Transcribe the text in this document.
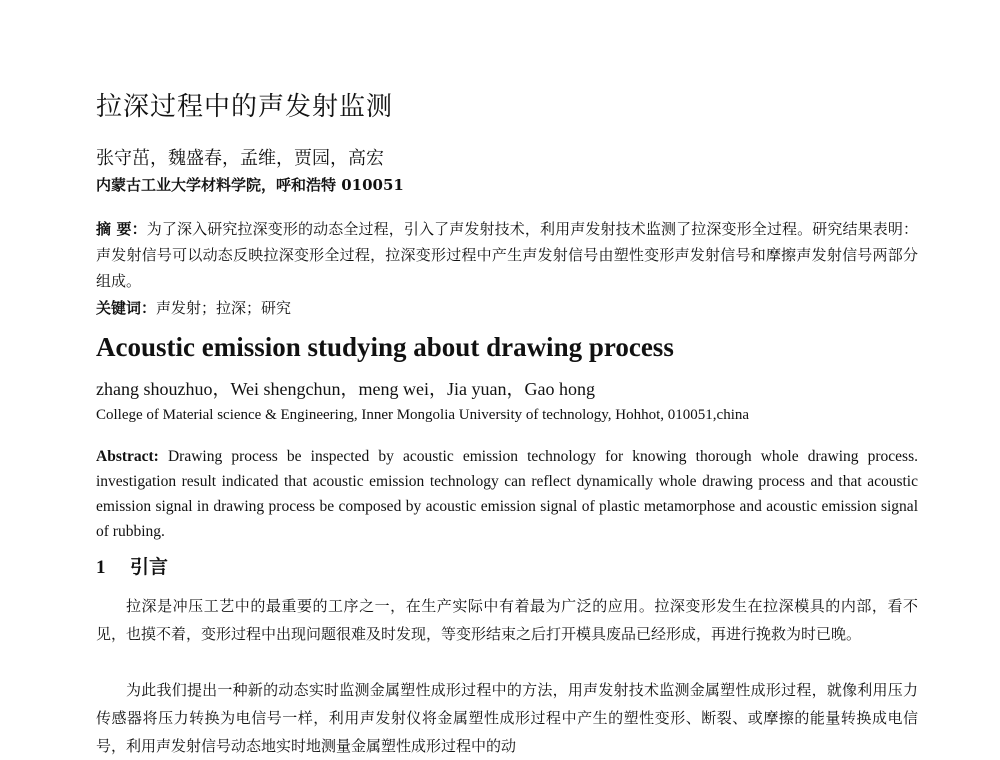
拉深过程中的声发射监测
张守茁，魏盛春，孟维，贾园，高宏
内蒙古工业大学材料学院，呼和浩特 010051

摘 要：为了深入研究拉深变形的动态全过程，引入了声发射技术，利用声发射技术监测了拉深变形全过程。研究结果表明：声发射信号可以动态反映拉深变形全过程，拉深变形过程中产生声发射信号由塑性变形声发射信号和摩擦声发射信号两部分组成。

关键词：声发射；拉深；研究

Acoustic emission studying about drawing process
zhang shouzhuo，Wei shengchun，meng wei，Jia yuan，Gao hong
College of Material science & Engineering, Inner Mongolia University of technology, Hohhot, 010051,china

Abstract: Drawing process be inspected by acoustic emission technology for knowing thorough whole drawing process. investigation result indicated that acoustic emission technology can reflect dynamically whole drawing process and that acoustic emission signal in drawing process be composed by acoustic emission signal of plastic metamorphose and acoustic emission signal of rubbing.

1 引言

拉深是冲压工艺中的最重要的工序之一，在生产实际中有着最为广泛的应用。拉深变形发生在拉深模具的内部，看不见，也摸不着，变形过程中出现问题很难及时发现，等变形结束之后打开模具废品已经形成，再进行挽救为时已晚。

为此我们提出一种新的动态实时监测金属塑性成形过程中的方法，用声发射技术监测金属塑性成形过程，就像利用压力传感器将压力转换为电信号一样，利用声发射仪将金属塑性成形过程中产生的塑性变形、断裂、或摩擦的能量转换成电信号，利用声发射信号动态地实时地测量金属塑性成形过程中的动
